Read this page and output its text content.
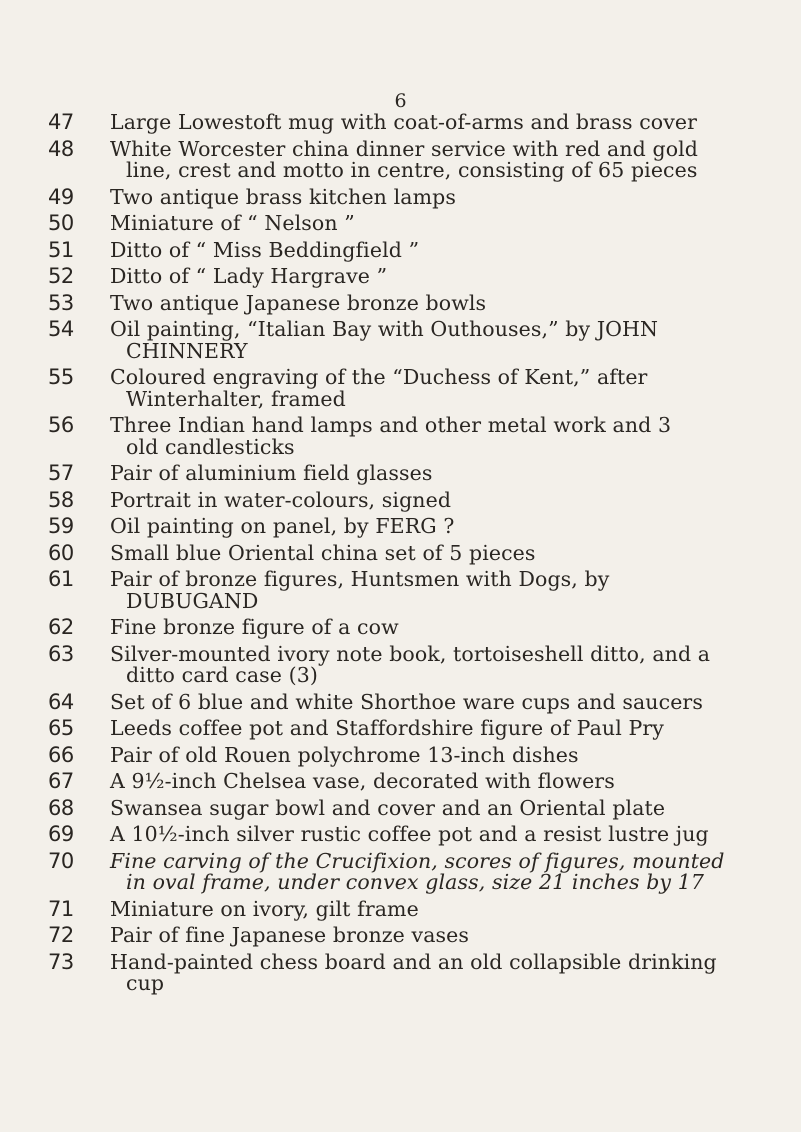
6
47 Large Lowestoft mug with coat-of-arms and brass cover
48 White Worcester china dinner service with red and gold
line, crest and motto in centre, consisting of 65 pieces
49 Two antique brass kitchen lamps
50 Miniature of “ Nelson ”
51 Ditto of “ Miss Beddingfield ”
52 Ditto of “ Lady Hargrave ”
53 Two antique Japanese bronze bowls
54 Oil painting, “Italian Bay with Outhouses,” by JOHN
CHINNERY
55 Coloured engraving of the “Duchess of Kent,” after
Winterhalter, framed
56 Three Indian hand lamps and other metal work and 3
old candlesticks
57 Pair of aluminium field glasses
58 Portrait in water-colours, signed
59 Oil painting on panel, by FERG ?
60 Small blue Oriental china set of 5 pieces
61 Pair of bronze figures, Huntsmen with Dogs, by
DUBUGAND
62 Fine bronze figure of a cow
63 Silver-mounted ivory note book, tortoiseshell ditto, and a
ditto card case (3)
64 Set of 6 blue and white Shorthoe ware cups and saucers
65 Leeds coffee pot and Staffordshire figure of Paul Pry
66 Pair of old Rouen polychrome 13-inch dishes
67 A 9½-inch Chelsea vase, decorated with flowers
68 Swansea sugar bowl and cover and an Oriental plate
69 A 10½-inch silver rustic coffee pot and a resist lustre jug
70 Fine carving of the Crucifixion, scores of figures, mounted
in oval frame, under convex glass, size 21 inches by 17
71 Miniature on ivory, gilt frame
72 Pair of fine Japanese bronze vases
73 Hand-painted chess board and an old collapsible drinking
cup
